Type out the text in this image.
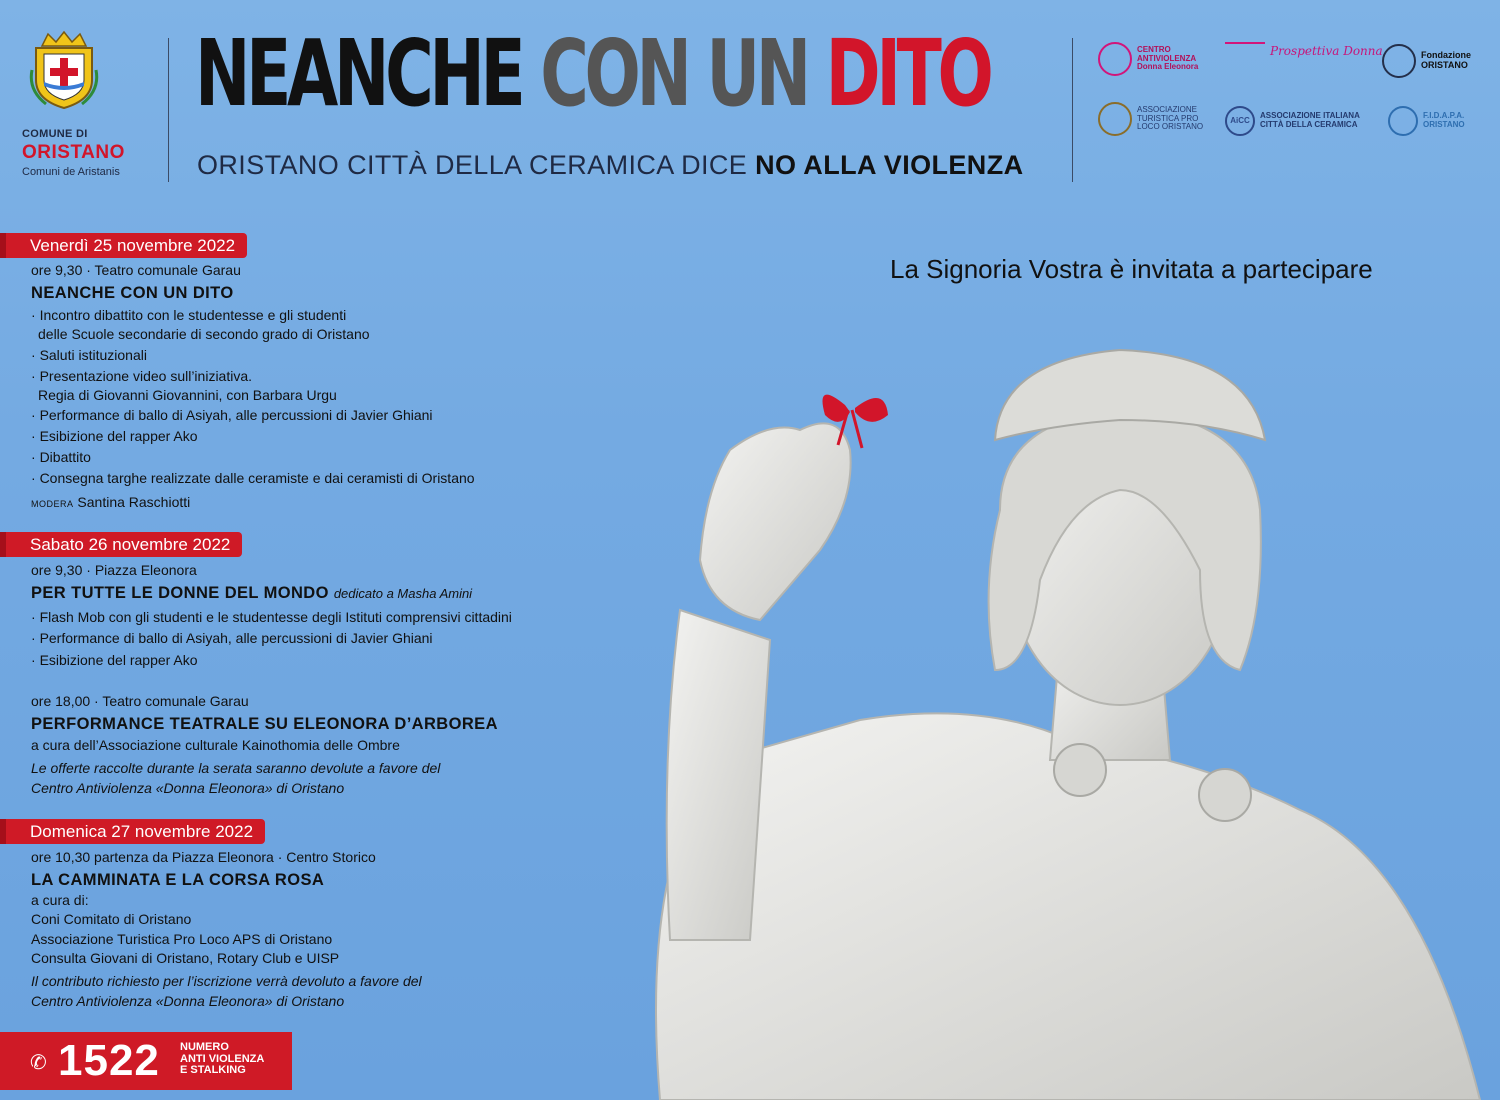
COMUNE DI
ORISTANO
Comuni de Aristanis
NEANCHE CON UN DITO
ORISTANO CITTÀ DELLA CERAMICA DICE NO ALLA VIOLENZA
CENTRO ANTIVIOLENZA Donna Eleonora
Prospettiva Donna	Fondazione ORISTANO
ASSOCIAZIONE TURISTICA PRO LOCO ORISTANO
AiCC ASSOCIAZIONE ITALIANA CITTÀ DELLA CERAMICA
F.I.D.A.P.A. ORISTANO
La Signoria Vostra è invitata a partecipare
Venerdì 25 novembre 2022
ore 9,30 · Teatro comunale Garau
NEANCHE CON UN DITO
· Incontro dibattito con le studentesse e gli studenti
delle Scuole secondarie di secondo grado di Oristano
· Saluti istituzionali
· Presentazione video sull’iniziativa.
Regia di Giovanni Giovannini, con Barbara Urgu
· Performance di ballo di Asiyah, alle percussioni di Javier Ghiani
· Esibizione del rapper Ako
· Dibattito
· Consegna targhe realizzate dalle ceramiste e dai ceramisti di Oristano
MODERA Santina Raschiotti
Sabato 26 novembre 2022
ore 9,30 · Piazza Eleonora
PER TUTTE LE DONNE DEL MONDO dedicato a Masha Amini
· Flash Mob con gli studenti e le studentesse degli Istituti comprensivi cittadini
· Performance di ballo di Asiyah, alle percussioni di Javier Ghiani
· Esibizione del rapper Ako
ore 18,00 · Teatro comunale Garau
PERFORMANCE TEATRALE SU ELEONORA D’ARBOREA
a cura dell’Associazione culturale Kainothomia delle Ombre
Le offerte raccolte durante la serata saranno devolute a favore del
Centro Antiviolenza «Donna Eleonora» di Oristano
Domenica 27 novembre 2022
ore 10,30 partenza da Piazza Eleonora · Centro Storico
LA CAMMINATA E LA CORSA ROSA
a cura di:
Coni Comitato di Oristano
Associazione Turistica Pro Loco APS di Oristano
Consulta Giovani di Oristano, Rotary Club e UISP
Il contributo richiesto per l’iscrizione verrà devoluto a favore del
Centro Antiviolenza «Donna Eleonora» di Oristano
✆ 1522 NUMERO
ANTI VIOLENZA
E STALKING
